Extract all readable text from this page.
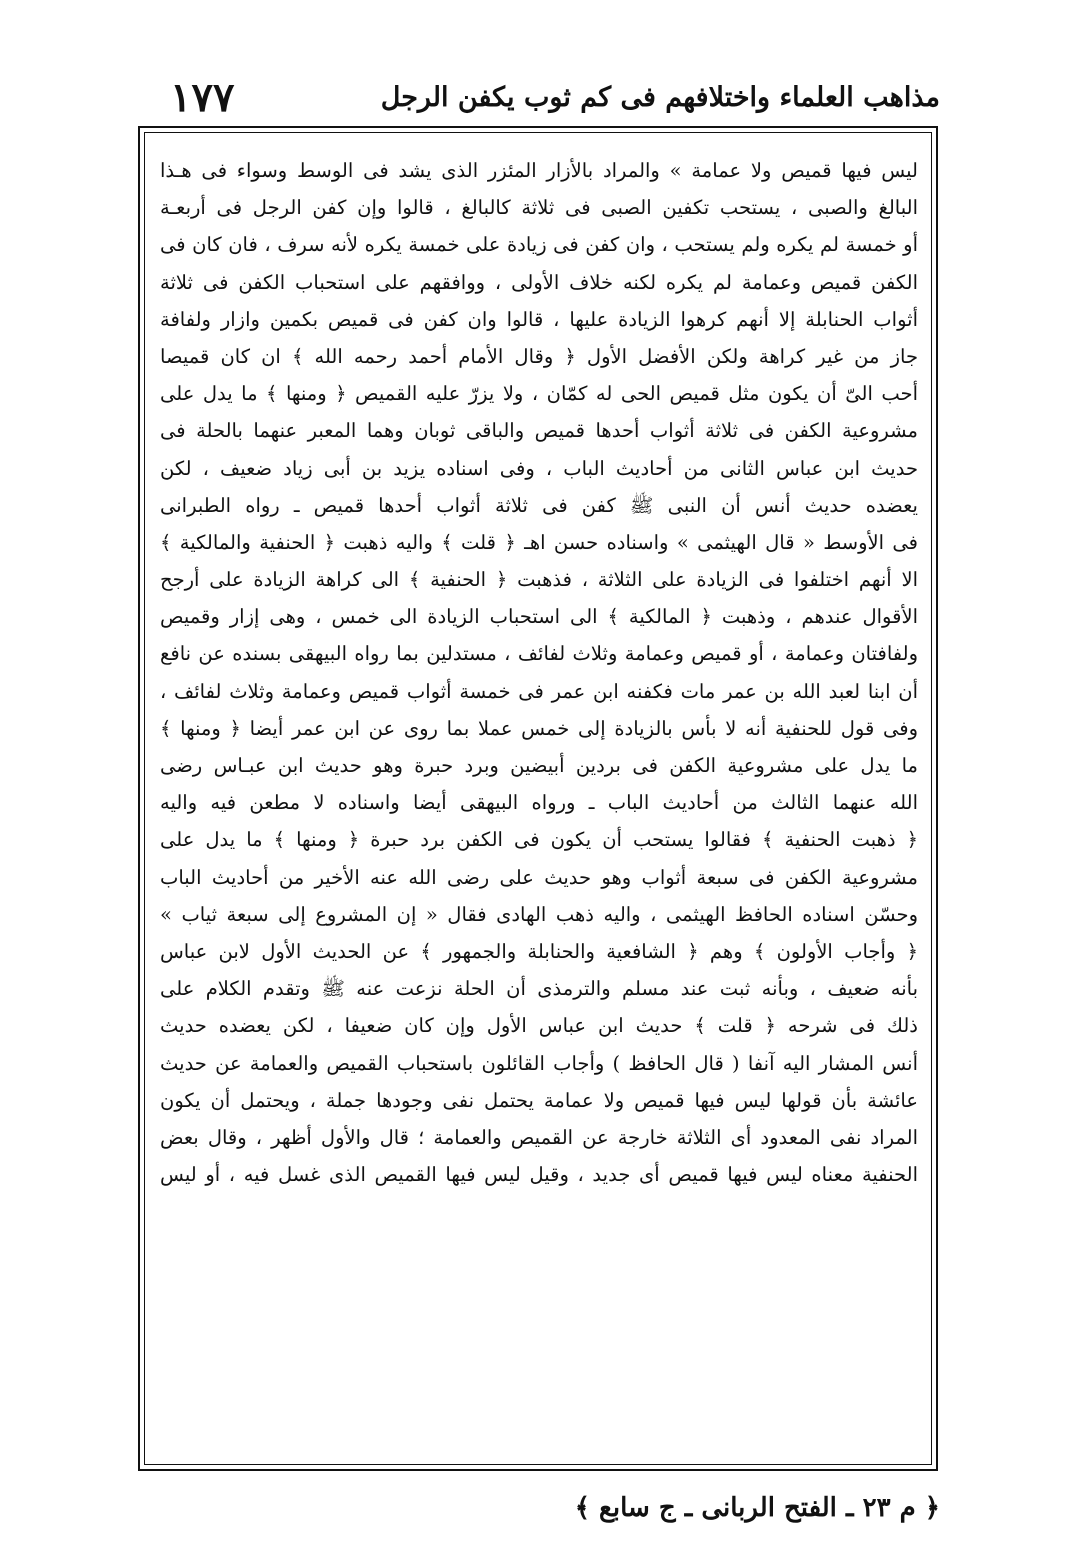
١٧٧	مذاهب العلماء واختلافهم فى كم ثوب يكفن الرجل
ليس فيها قميص ولا عمامة » والمراد بالأزار المئزر الذى يشد فى الوسط وسواء فى هـذا
البالغ والصبى ، يستحب تكفين الصبى فى ثلاثة كالبالغ ، قالوا وإن كفن الرجل فى أربعـة
أو خمسة لم يكره ولم يستحب ، وان كفن فى زيادة على خمسة يكره لأنه سرف ، فان كان فى
الكفن قميص وعمامة لم يكره لكنه خلاف الأولى ، ووافقهم على استحباب الكفن فى ثلاثة
أثواب الحنابلة إلا أنهم كرهوا الزيادة عليها ، قالوا وان كفن فى قميص بكمين وازار ولفافة
جاز من غير كراهة ولكن الأفضل الأول ﴿ وقال الأمام أحمد رحمه الله ﴾ ان كان قميصا
أحب الىّ أن يكون مثل قميص الحى له كمّان ، ولا يزرّ عليه القميص ﴿ ومنها ﴾ ما يدل على
مشروعية الكفن فى ثلاثة أثواب أحدها قميص والباقى ثوبان وهما المعبر عنهما بالحلة فى
حديث ابن عباس الثانى من أحاديث الباب ، وفى اسناده يزيد بن أبى زياد ضعيف ، لكن
يعضده حديث أنس أن النبى ﷺ كفن فى ثلاثة أثواب أحدها قميص ـ رواه الطبرانى
فى الأوسط « قال الهيثمى » واسناده حسن اهـ ﴿ قلت ﴾ واليه ذهبت ﴿ الحنفية والمالكية ﴾
الا أنهم اختلفوا فى الزيادة على الثلاثة ، فذهبت ﴿ الحنفية ﴾ الى كراهة الزيادة على أرجح
الأقوال عندهم ، وذهبت ﴿ المالكية ﴾ الى استحباب الزيادة الى خمس ، وهى إزار وقميص
ولفافتان وعمامة ، أو قميص وعمامة وثلاث لفائف ، مستدلين بما رواه البيهقى بسنده عن نافع
أن ابنا لعبد الله بن عمر مات فكفنه ابن عمر فى خمسة أثواب قميص وعمامة وثلاث لفائف ،
وفى قول للحنفية أنه لا بأس بالزيادة إلى خمس عملا بما روى عن ابن عمر أيضا ﴿ ومنها ﴾
ما يدل على مشروعية الكفن فى بردين أبيضين وبرد حبرة وهو حديث ابن عبـاس رضى
الله عنهما الثالث من أحاديث الباب ـ ورواه البيهقى أيضا واسناده لا مطعن فيه واليه
﴿ ذهبت الحنفية ﴾ فقالوا يستحب أن يكون فى الكفن برد حبرة ﴿ ومنها ﴾ ما يدل على
مشروعية الكفن فى سبعة أثواب وهو حديث على رضى الله عنه الأخير من أحاديث الباب
وحسّن اسناده الحافظ الهيثمى ، واليه ذهب الهادى فقال « إن المشروع إلى سبعة ثياب »
﴿ وأجاب الأولون ﴾ وهم ﴿ الشافعية والحنابلة والجمهور ﴾ عن الحديث الأول لابن عباس
بأنه ضعيف ، وبأنه ثبت عند مسلم والترمذى أن الحلة نزعت عنه ﷺ وتقدم الكلام على
ذلك فى شرحه ﴿ قلت ﴾ حديث ابن عباس الأول وإن كان ضعيفا ، لكن يعضده حديث
أنس المشار اليه آنفا ( قال الحافظ ) وأجاب القائلون باستحباب القميص والعمامة عن حديث
عائشة بأن قولها ليس فيها قميص ولا عمامة يحتمل نفى وجودها جملة ، ويحتمل أن يكون
المراد نفى المعدود أى الثلاثة خارجة عن القميص والعمامة ؛ قال والأول أظهر ، وقال بعض
الحنفية معناه ليس فيها قميص أى جديد ، وقيل ليس فيها القميص الذى غسل فيه ، أو ليس
﴿ م ٢٣ ـ الفتح الربانى ـ ج سابع ﴾
